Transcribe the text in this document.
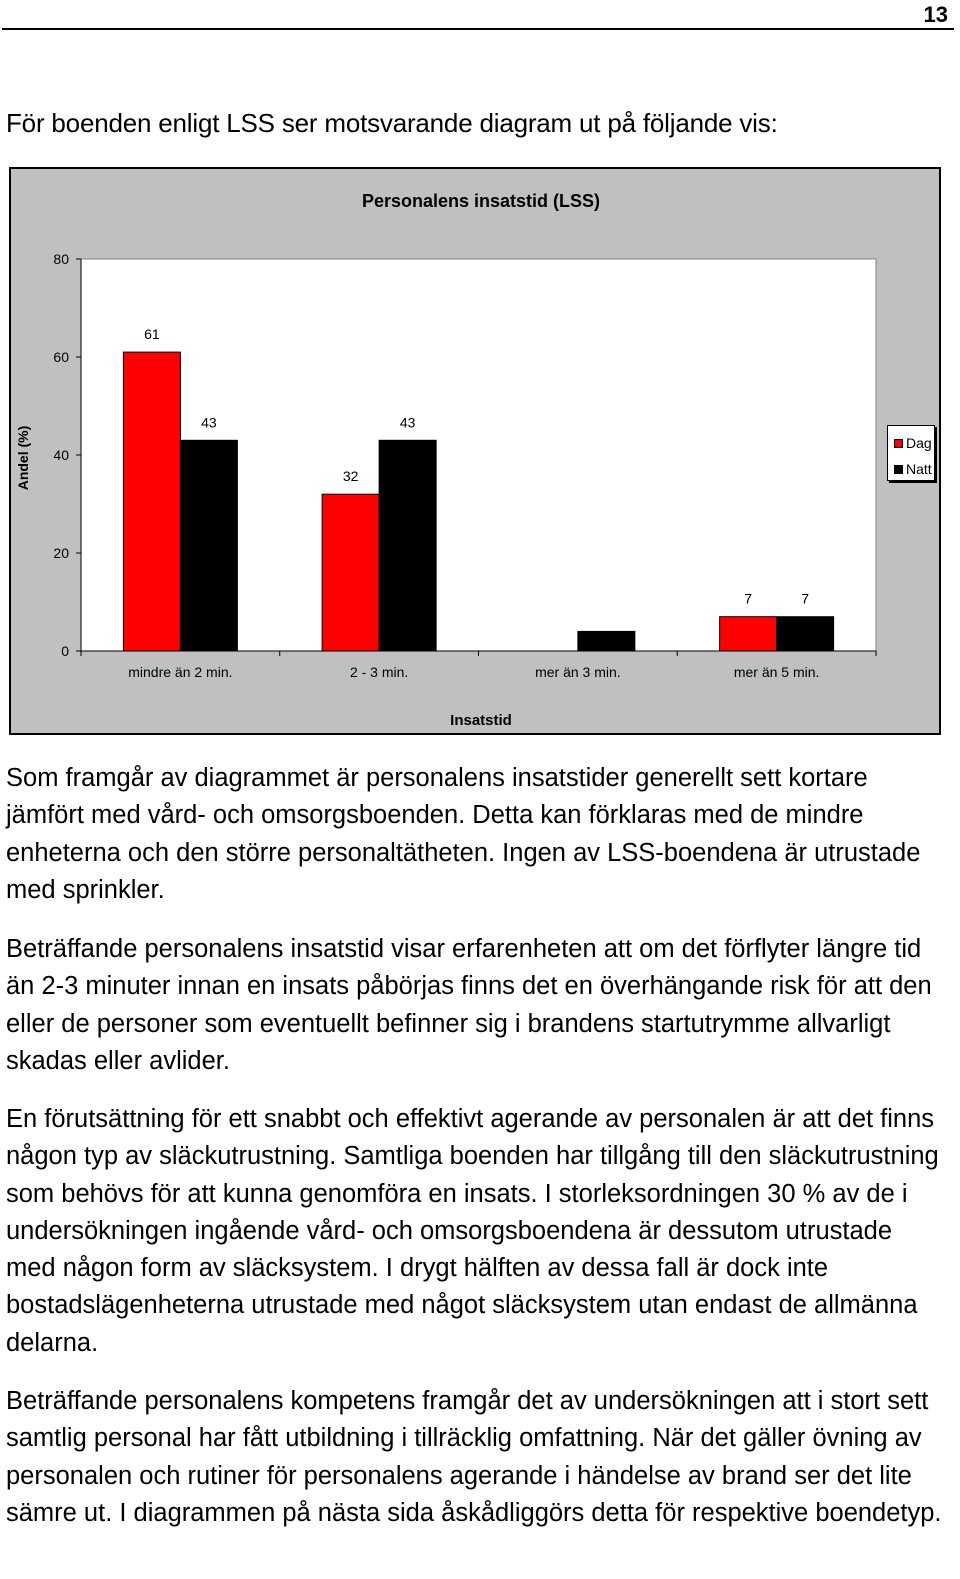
13

För boenden enligt LSS ser motsvarande diagram ut på följande vis:

Personalens insatstid (LSS)
Andel (%)
Insatstid
0
20
40
60
80
mindre än 2 min.
61
43
2 - 3 min.
32
43
mer än 3 min.	mer än 5 min.
7	7
Dag
Natt

Som framgår av diagrammet är personalens insatstider generellt sett kortare jämfört med vård- och omsorgsboenden. Detta kan förklaras med de mindre enheterna och den större personaltätheten. Ingen av LSS-boendena är utrustade med sprinkler.

Beträffande personalens insatstid visar erfarenheten att om det förflyter längre tid än 2-3 minuter innan en insats påbörjas finns det en överhängande risk för att den eller de personer som eventuellt befinner sig i brandens startutrymme allvarligt skadas eller avlider.

En förutsättning för ett snabbt och effektivt agerande av personalen är att det finns någon typ av släckutrustning. Samtliga boenden har tillgång till den släckutrustning som behövs för att kunna genomföra en insats. I storleksordningen 30 % av de i undersökningen ingående vård- och omsorgsboendena är dessutom utrustade med någon form av släcksystem. I drygt hälften av dessa fall är dock inte bostadslägenheterna utrustade med något släcksystem utan endast de allmänna delarna.

Beträffande personalens kompetens framgår det av undersökningen att i stort sett samtlig personal har fått utbildning i tillräcklig omfattning. När det gäller övning av personalen och rutiner för personalens agerande i händelse av brand ser det lite sämre ut. I diagrammen på nästa sida åskådliggörs detta för respektive boendetyp.
